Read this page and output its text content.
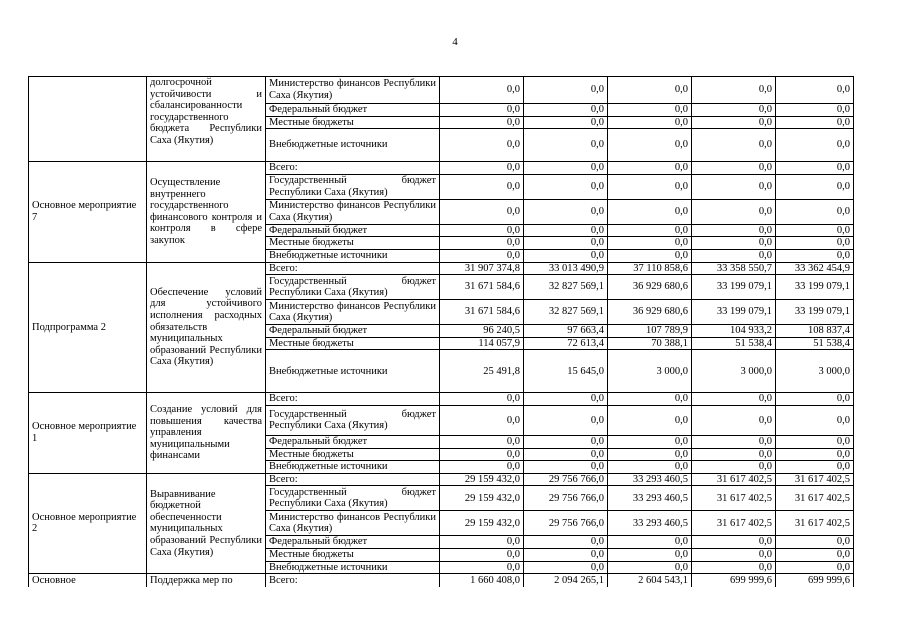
4
	долгосрочной устойчивости и сбалансированности государственного бюджета Республики Саха (Якутия)	Министерство финансов Республики Саха (Якутия)	0,0	0,0	0,0	0,0	0,0
		Федеральный бюджет	0,0	0,0	0,0	0,0	0,0
		Местные бюджеты	0,0	0,0	0,0	0,0	0,0
		Внебюджетные источники	0,0	0,0	0,0	0,0	0,0
Основное мероприятие 7	Осуществление внутреннего государственного финансового контроля и контроля в сфере закупок	Всего:	0,0	0,0	0,0	0,0	0,0
		Государственный бюджет Республики Саха (Якутия)	0,0	0,0	0,0	0,0	0,0
		Министерство финансов Республики Саха (Якутия)	0,0	0,0	0,0	0,0	0,0
		Федеральный бюджет	0,0	0,0	0,0	0,0	0,0
		Местные бюджеты	0,0	0,0	0,0	0,0	0,0
		Внебюджетные источники	0,0	0,0	0,0	0,0	0,0
Подпрограмма 2	Обеспечение условий для устойчивого исполнения расходных обязательств муниципальных образований Республики Саха (Якутия)	Всего:	31 907 374,8	33 013 490,9	37 110 858,6	33 358 550,7	33 362 454,9
		Государственный бюджет Республики Саха (Якутия)	31 671 584,6	32 827 569,1	36 929 680,6	33 199 079,1	33 199 079,1
		Министерство финансов Республики Саха (Якутия)	31 671 584,6	32 827 569,1	36 929 680,6	33 199 079,1	33 199 079,1
		Федеральный бюджет	96 240,5	97 663,4	107 789,9	104 933,2	108 837,4
		Местные бюджеты	114 057,9	72 613,4	70 388,1	51 538,4	51 538,4
		Внебюджетные источники	25 491,8	15 645,0	3 000,0	3 000,0	3 000,0
Основное мероприятие 1	Создание условий для повышения качества управления муниципальными финансами	Всего:	0,0	0,0	0,0	0,0	0,0
		Государственный бюджет Республики Саха (Якутия)	0,0	0,0	0,0	0,0	0,0
		Федеральный бюджет	0,0	0,0	0,0	0,0	0,0
		Местные бюджеты	0,0	0,0	0,0	0,0	0,0
		Внебюджетные источники	0,0	0,0	0,0	0,0	0,0
Основное мероприятие 2	Выравнивание бюджетной обеспеченности муниципальных образований Республики Саха (Якутия)	Всего:	29 159 432,0	29 756 766,0	33 293 460,5	31 617 402,5	31 617 402,5
		Государственный бюджет Республики Саха (Якутия)	29 159 432,0	29 756 766,0	33 293 460,5	31 617 402,5	31 617 402,5
		Министерство финансов Республики Саха (Якутия)	29 159 432,0	29 756 766,0	33 293 460,5	31 617 402,5	31 617 402,5
		Федеральный бюджет	0,0	0,0	0,0	0,0	0,0
		Местные бюджеты	0,0	0,0	0,0	0,0	0,0
		Внебюджетные источники	0,0	0,0	0,0	0,0	0,0
Основное	Поддержка мер по	Всего:	1 660 408,0	2 094 265,1	2 604 543,1	699 999,6	699 999,6
